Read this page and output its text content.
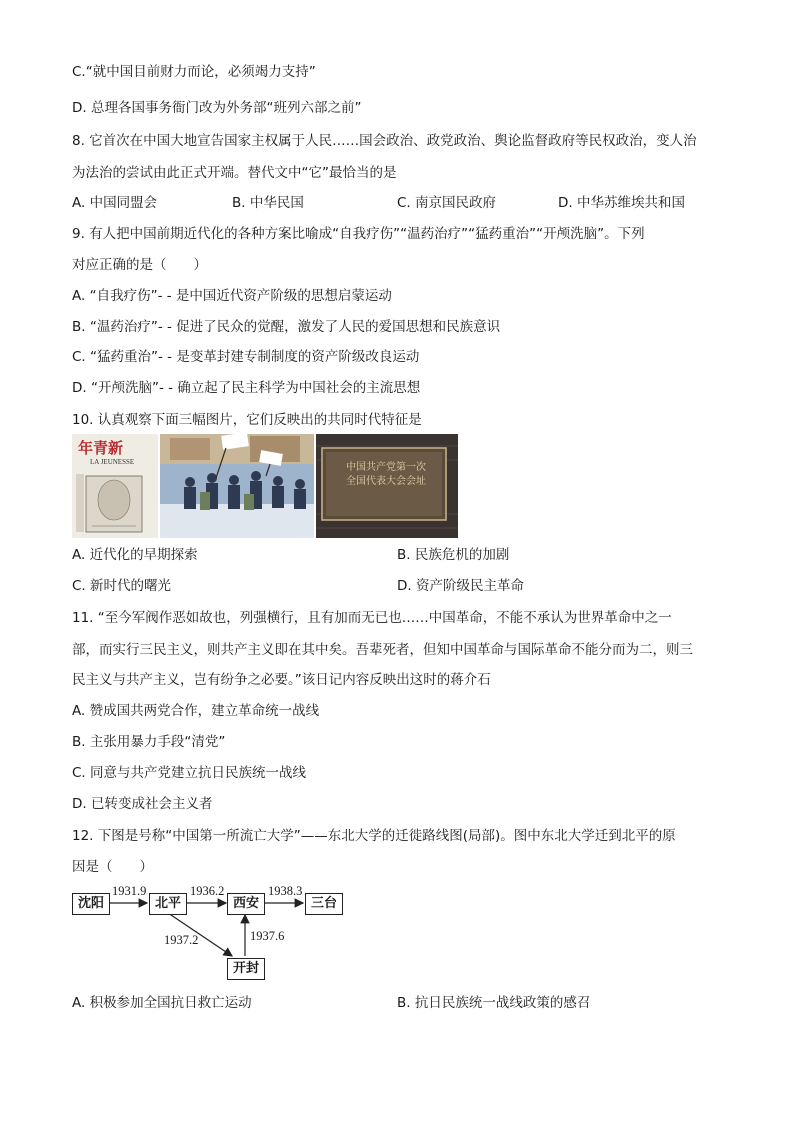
C.“就中国目前财力而论，必须竭力支持”
D. 总理各国事务衙门改为外务部“班列六部之前”
8. 它首次在中国大地宣告国家主权属于人民……国会政治、政党政治、舆论监督政府等民权政治，变人治
为法治的尝试由此正式开端。替代文中“它”最恰当的是
A. 中国同盟会	B. 中华民国	C. 南京国民政府	D. 中华苏维埃共和国
9. 有人把中国前期近代化的各种方案比喻成“自我疗伤”“温药治疗”“猛药重治”“开颅洗脑”。下列
对应正确的是（　　）
A. “自我疗伤”- - 是中国近代资产阶级的思想启蒙运动
B. “温药治疗”- - 促进了民众的觉醒，激发了人民的爱国思想和民族意识
C. “猛药重治”- - 是变革封建专制制度的资产阶级改良运动
D. “开颅洗脑”- - 确立起了民主科学为中国社会的主流思想
10. 认真观察下面三幅图片，它们反映出的共同时代特征是
年青新
LA JEUNESSE	中国共产党第一次
全国代表大会会址
A. 近代化的早期探索	B. 民族危机的加剧
C. 新时代的曙光	D. 资产阶级民主革命
11. “至今军阀作恶如故也，列强横行，且有加而无已也……中国革命，不能不承认为世界革命中之一
部，而实行三民主义，则共产主义即在其中矣。吾辈死者，但知中国革命与国际革命不能分而为二，则三
民主义与共产主义，岂有纷争之必要。”该日记内容反映出这时的蒋介石
A. 赞成国共两党合作，建立革命统一战线
B. 主张用暴力手段“清党”
C. 同意与共产党建立抗日民族统一战线
D. 已转变成社会主义者
12. 下图是号称“中国第一所流亡大学”——东北大学的迁徙路线图(局部)。图中东北大学迁到北平的原
因是（　　）
沈阳	北平	西安	三台
开封
1931.9	1936.2	1938.3
1937.2	1937.6
A. 积极参加全国抗日救亡运动	B. 抗日民族统一战线政策的感召
